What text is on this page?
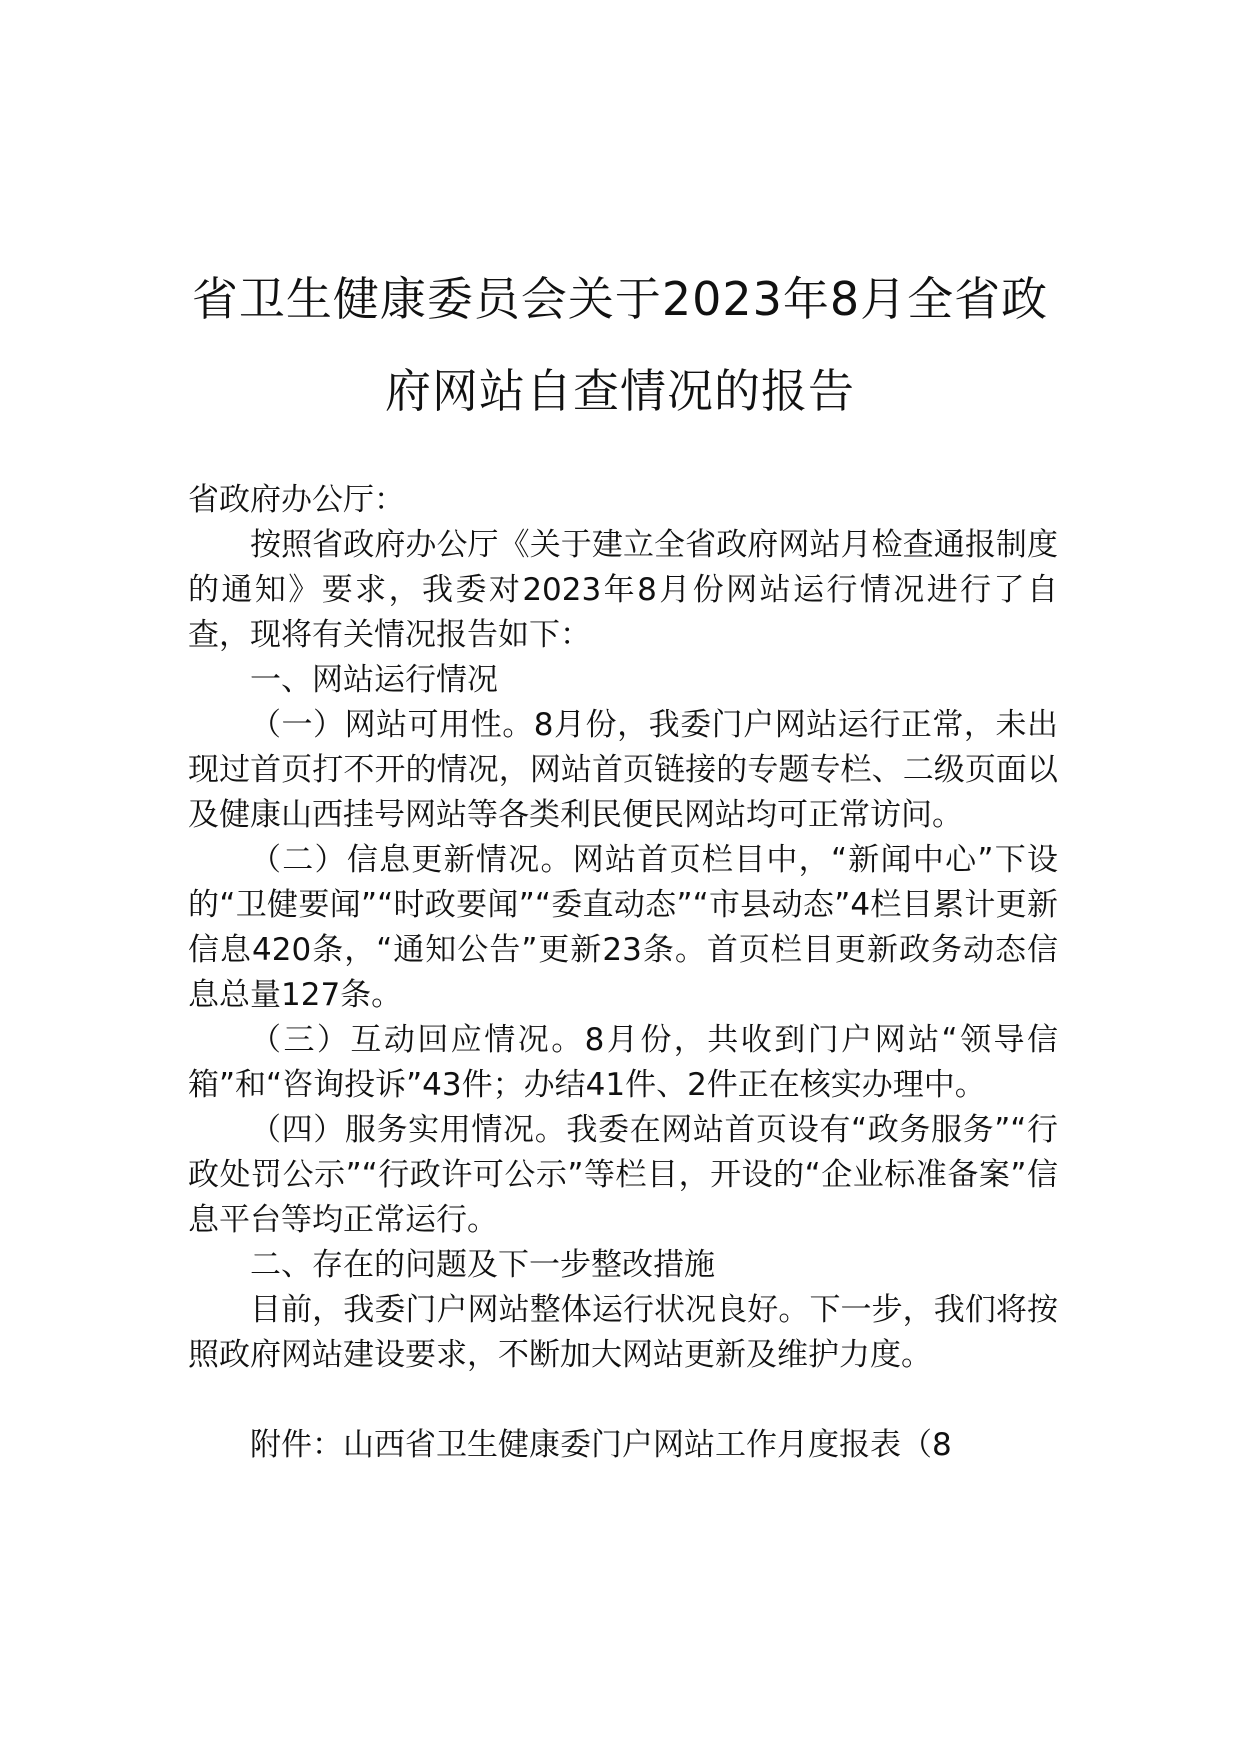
省卫生健康委员会关于2023年8月全省政
府网站自查情况的报告

省政府办公厅：

按照省政府办公厅《关于建立全省政府网站月检查通报制度的通知》要求，我委对2023年8月份网站运行情况进行了自查，现将有关情况报告如下：

一、网站运行情况

（一）网站可用性。8月份，我委门户网站运行正常，未出现过首页打不开的情况，网站首页链接的专题专栏、二级页面以及健康山西挂号网站等各类利民便民网站均可正常访问。

（二）信息更新情况。网站首页栏目中，“新闻中心”下设的“卫健要闻”“时政要闻”“委直动态”“市县动态”4栏目累计更新信息420条，“通知公告”更新23条。首页栏目更新政务动态信息总量127条。

（三）互动回应情况。8月份，共收到门户网站“领导信箱”和“咨询投诉”43件；办结41件、2件正在核实办理中。

（四）服务实用情况。我委在网站首页设有“政务服务”“行政处罚公示”“行政许可公示”等栏目，开设的“企业标准备案”信息平台等均正常运行。

二、存在的问题及下一步整改措施

目前，我委门户网站整体运行状况良好。下一步，我们将按照政府网站建设要求，不断加大网站更新及维护力度。

附件：山西省卫生健康委门户网站工作月度报表（8
